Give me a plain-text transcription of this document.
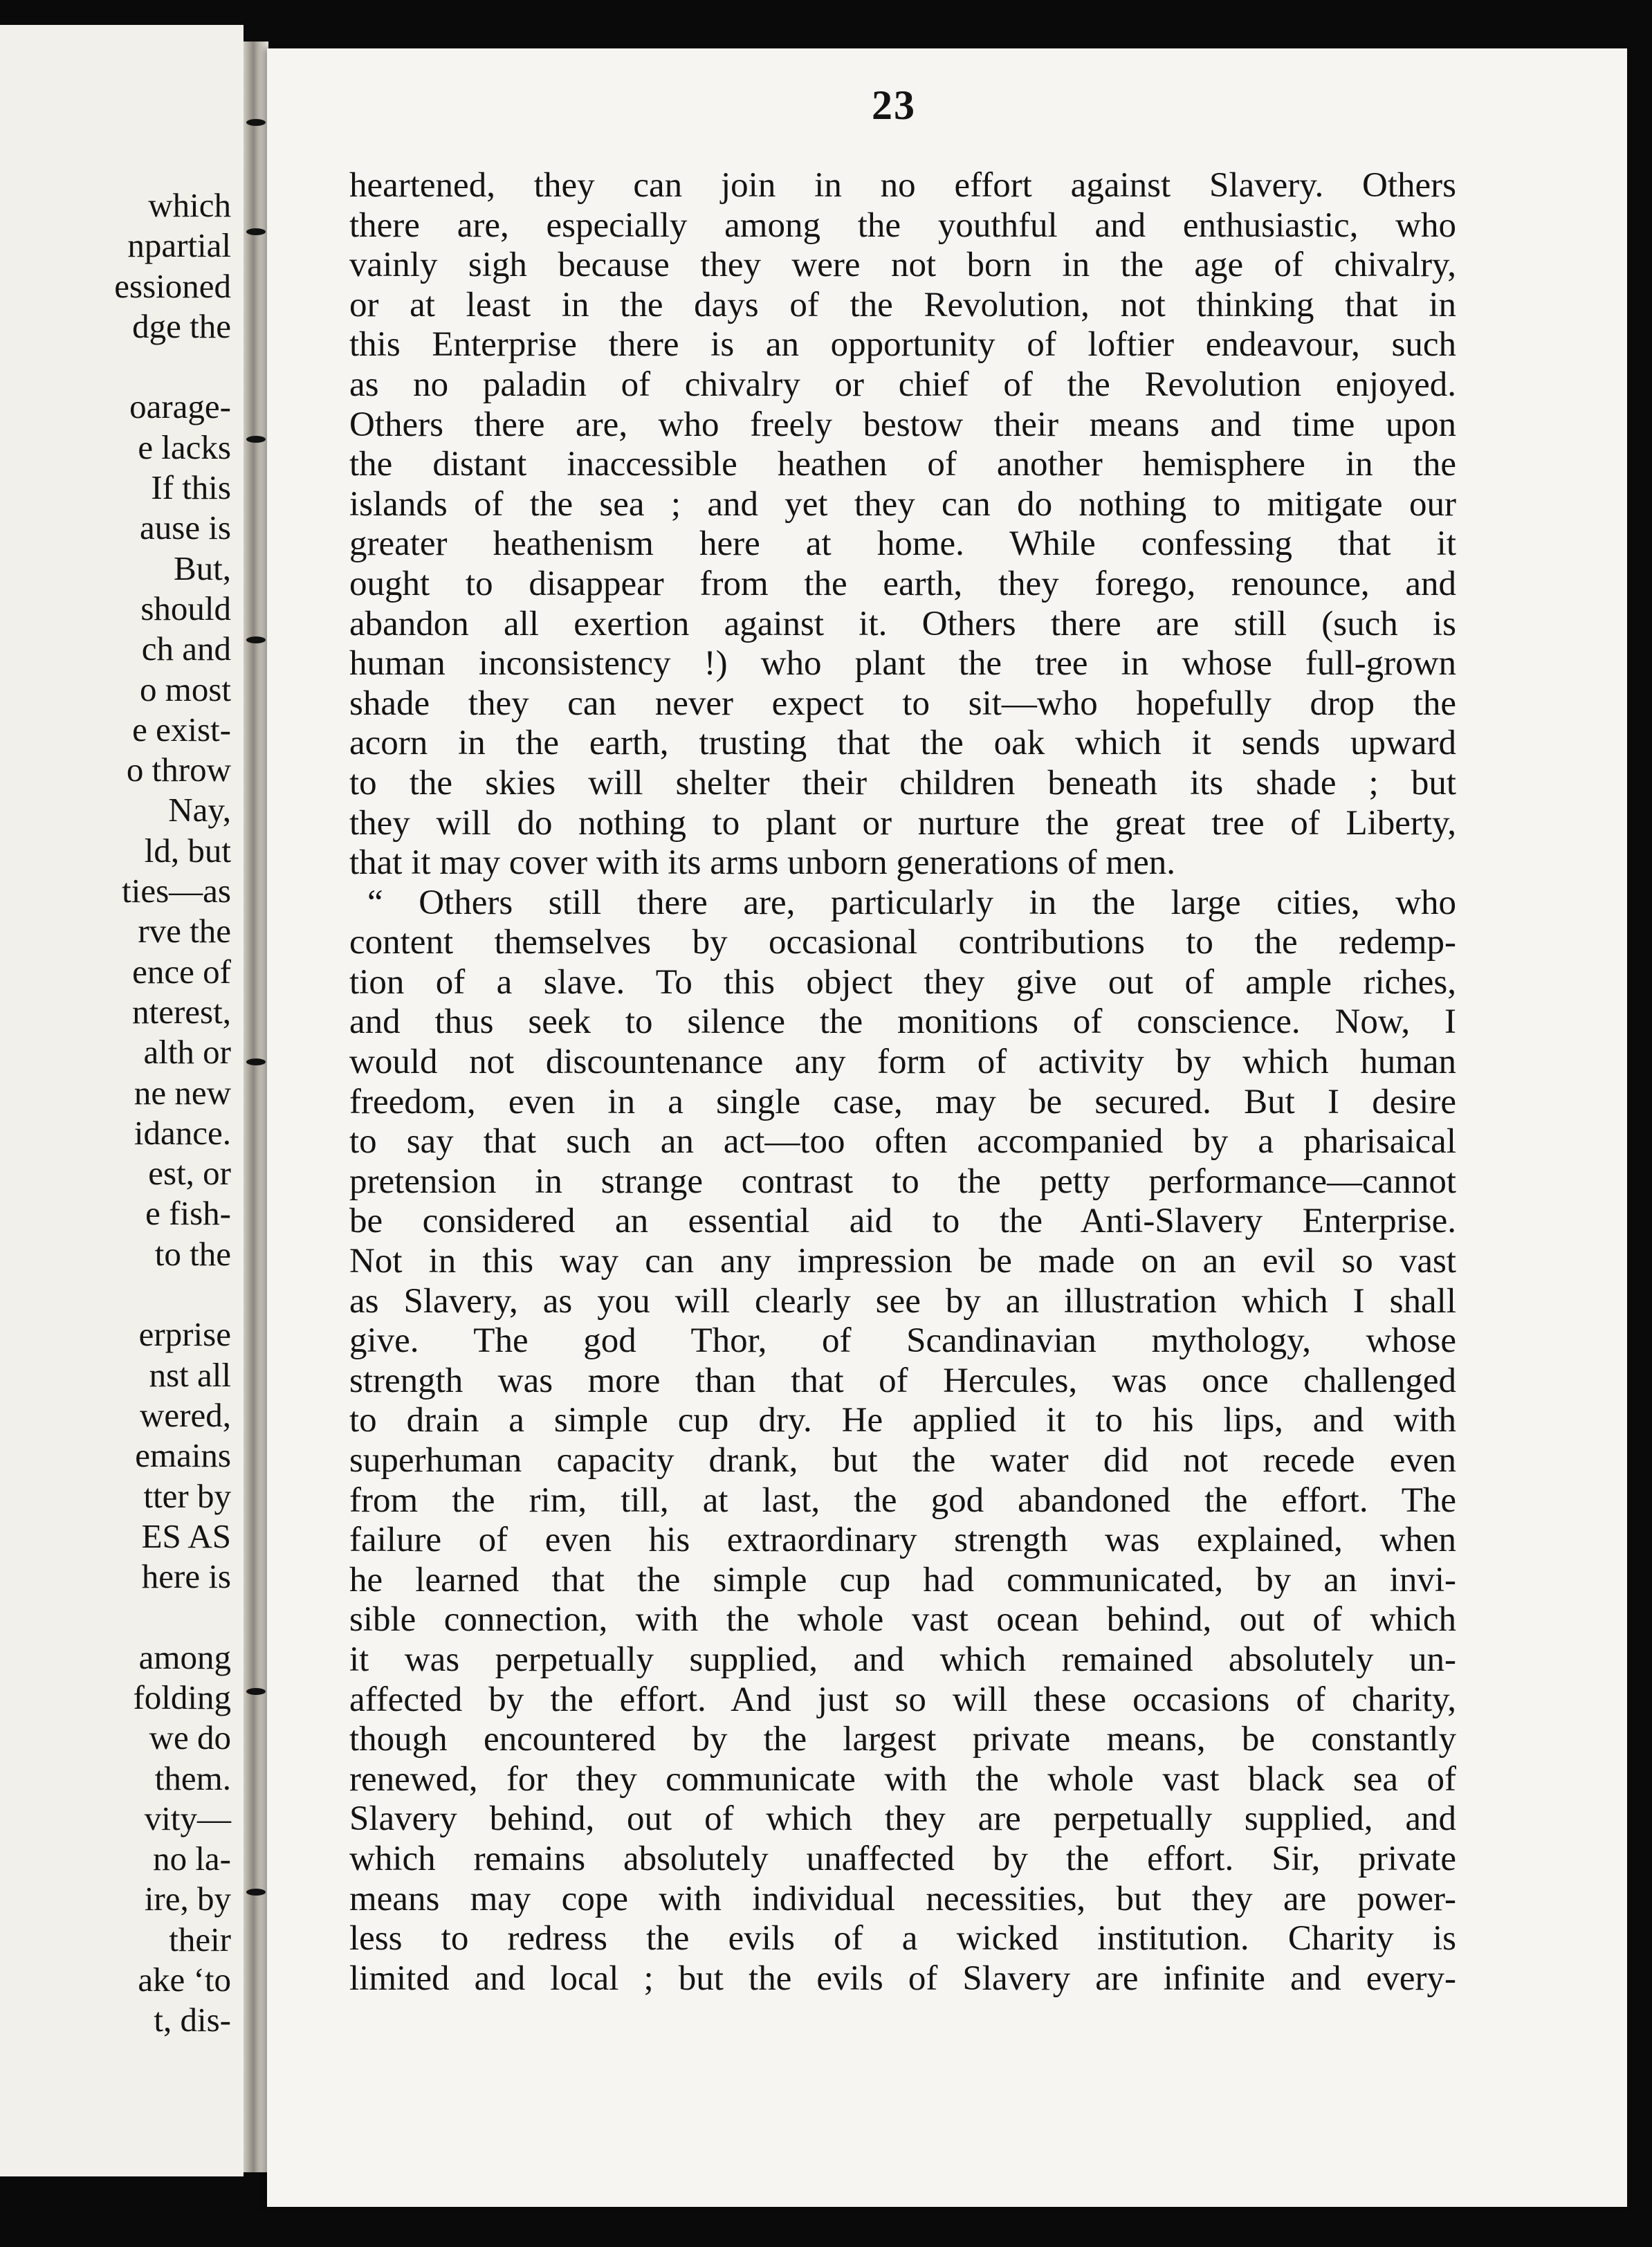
which
npartial
essioned
dge the
oarage-
e lacks
If this
ause is
But,
should
ch and
o most
e exist-
o throw
Nay,
ld, but
ties—as
rve the
ence of
nterest,
alth or
ne new
idance.
est, or
e fish-
to the
erprise
nst all
wered,
emains
tter by
ES AS
here is
among
folding
we do
them.
vity—
no la-
ire, by
their
ake ‘to
t, dis-
23
heartened, they can join in no effort against Slavery. Others
there are, especially among the youthful and enthusiastic, who
vainly sigh because they were not born in the age of chivalry,
or at least in the days of the Revolution, not thinking that in
this Enterprise there is an opportunity of loftier endeavour, such
as no paladin of chivalry or chief of the Revolution enjoyed.
Others there are, who freely bestow their means and time upon
the distant inaccessible heathen of another hemisphere in the
islands of the sea ; and yet they can do nothing to mitigate our
greater heathenism here at home. While confessing that it
ought to disappear from the earth, they forego, renounce, and
abandon all exertion against it. Others there are still (such is
human inconsistency !) who plant the tree in whose full-grown
shade they can never expect to sit—who hopefully drop the
acorn in the earth, trusting that the oak which it sends upward
to the skies will shelter their children beneath its shade ; but
they will do nothing to plant or nurture the great tree of Liberty,
that it may cover with its arms unborn generations of men.
“ Others still there are, particularly in the large cities, who
content themselves by occasional contributions to the redemp-
tion of a slave. To this object they give out of ample riches,
and thus seek to silence the monitions of conscience. Now, I
would not discountenance any form of activity by which human
freedom, even in a single case, may be secured. But I desire
to say that such an act—too often accompanied by a pharisaical
pretension in strange contrast to the petty performance—cannot
be considered an essential aid to the Anti-Slavery Enterprise.
Not in this way can any impression be made on an evil so vast
as Slavery, as you will clearly see by an illustration which I shall
give. The god Thor, of Scandinavian mythology, whose
strength was more than that of Hercules, was once challenged
to drain a simple cup dry. He applied it to his lips, and with
superhuman capacity drank, but the water did not recede even
from the rim, till, at last, the god abandoned the effort. The
failure of even his extraordinary strength was explained, when
he learned that the simple cup had communicated, by an invi-
sible connection, with the whole vast ocean behind, out of which
it was perpetually supplied, and which remained absolutely un-
affected by the effort. And just so will these occasions of charity,
though encountered by the largest private means, be constantly
renewed, for they communicate with the whole vast black sea of
Slavery behind, out of which they are perpetually supplied, and
which remains absolutely unaffected by the effort. Sir, private
means may cope with individual necessities, but they are power-
less to redress the evils of a wicked institution. Charity is
limited and local ; but the evils of Slavery are infinite and every-
